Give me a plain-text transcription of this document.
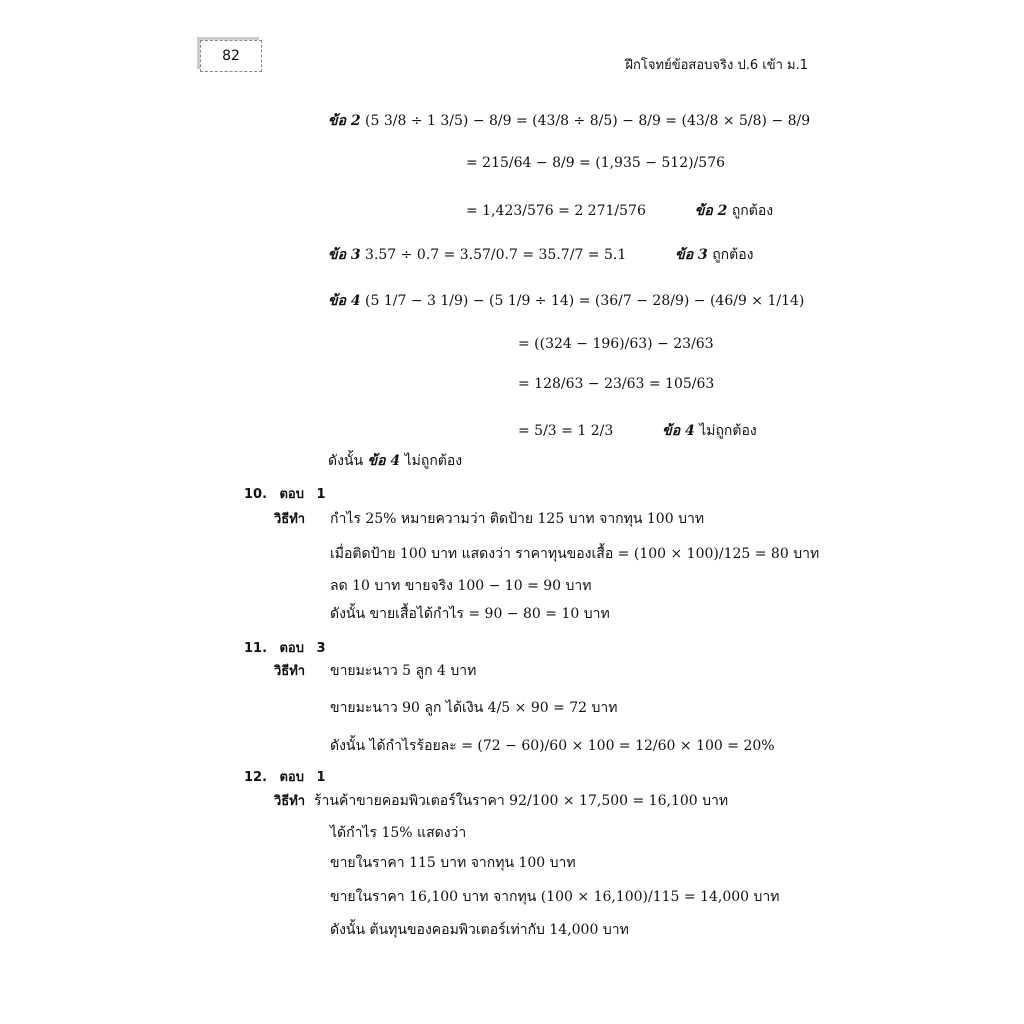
82
ฝึกโจทย์ข้อสอบจริง ป.6 เข้า ม.1
ข้อ 2 (5 3/8 ÷ 1 3/5) − 8/9 = (43/8 ÷ 8/5) − 8/9 = (43/8 × 5/8) − 8/9
= 215/64 − 8/9 = (1,935 − 512)/576
= 1,423/576 = 2 271/576	ข้อ 2 ถูกต้อง
ข้อ 3 3.57 ÷ 0.7 = 3.57/0.7 = 35.7/7 = 5.1	ข้อ 3 ถูกต้อง
ข้อ 4 (5 1/7 − 3 1/9) − (5 1/9 ÷ 14) = (36/7 − 28/9) − (46/9 × 1/14)
= ((324 − 196)/63) − 23/63
= 128/63 − 23/63 = 105/63
= 5/3 = 1 2/3	ข้อ 4 ไม่ถูกต้อง
ดังนั้น ข้อ 4 ไม่ถูกต้อง
10. ตอบ 1
วิธีทำ กำไร 25% หมายความว่า ติดป้าย 125 บาท จากทุน 100 บาท
เมื่อติดป้าย 100 บาท แสดงว่า ราคาทุนของเสื้อ = (100 × 100)/125 = 80 บาท
ลด 10 บาท ขายจริง 100 − 10 = 90 บาท
ดังนั้น ขายเสื้อได้กำไร = 90 − 80 = 10 บาท
11. ตอบ 3
วิธีทำ ขายมะนาว 5 ลูก 4 บาท
ขายมะนาว 90 ลูก ได้เงิน 4/5 × 90 = 72 บาท
ดังนั้น ได้กำไรร้อยละ = (72 − 60)/60 × 100 = 12/60 × 100 = 20%
12. ตอบ 1
วิธีทำ ร้านค้าขายคอมพิวเตอร์ในราคา 92/100 × 17,500 = 16,100 บาท
ได้กำไร 15% แสดงว่า
ขายในราคา 115 บาท จากทุน 100 บาท
ขายในราคา 16,100 บาท จากทุน (100 × 16,100)/115 = 14,000 บาท
ดังนั้น ต้นทุนของคอมพิวเตอร์เท่ากับ 14,000 บาท
